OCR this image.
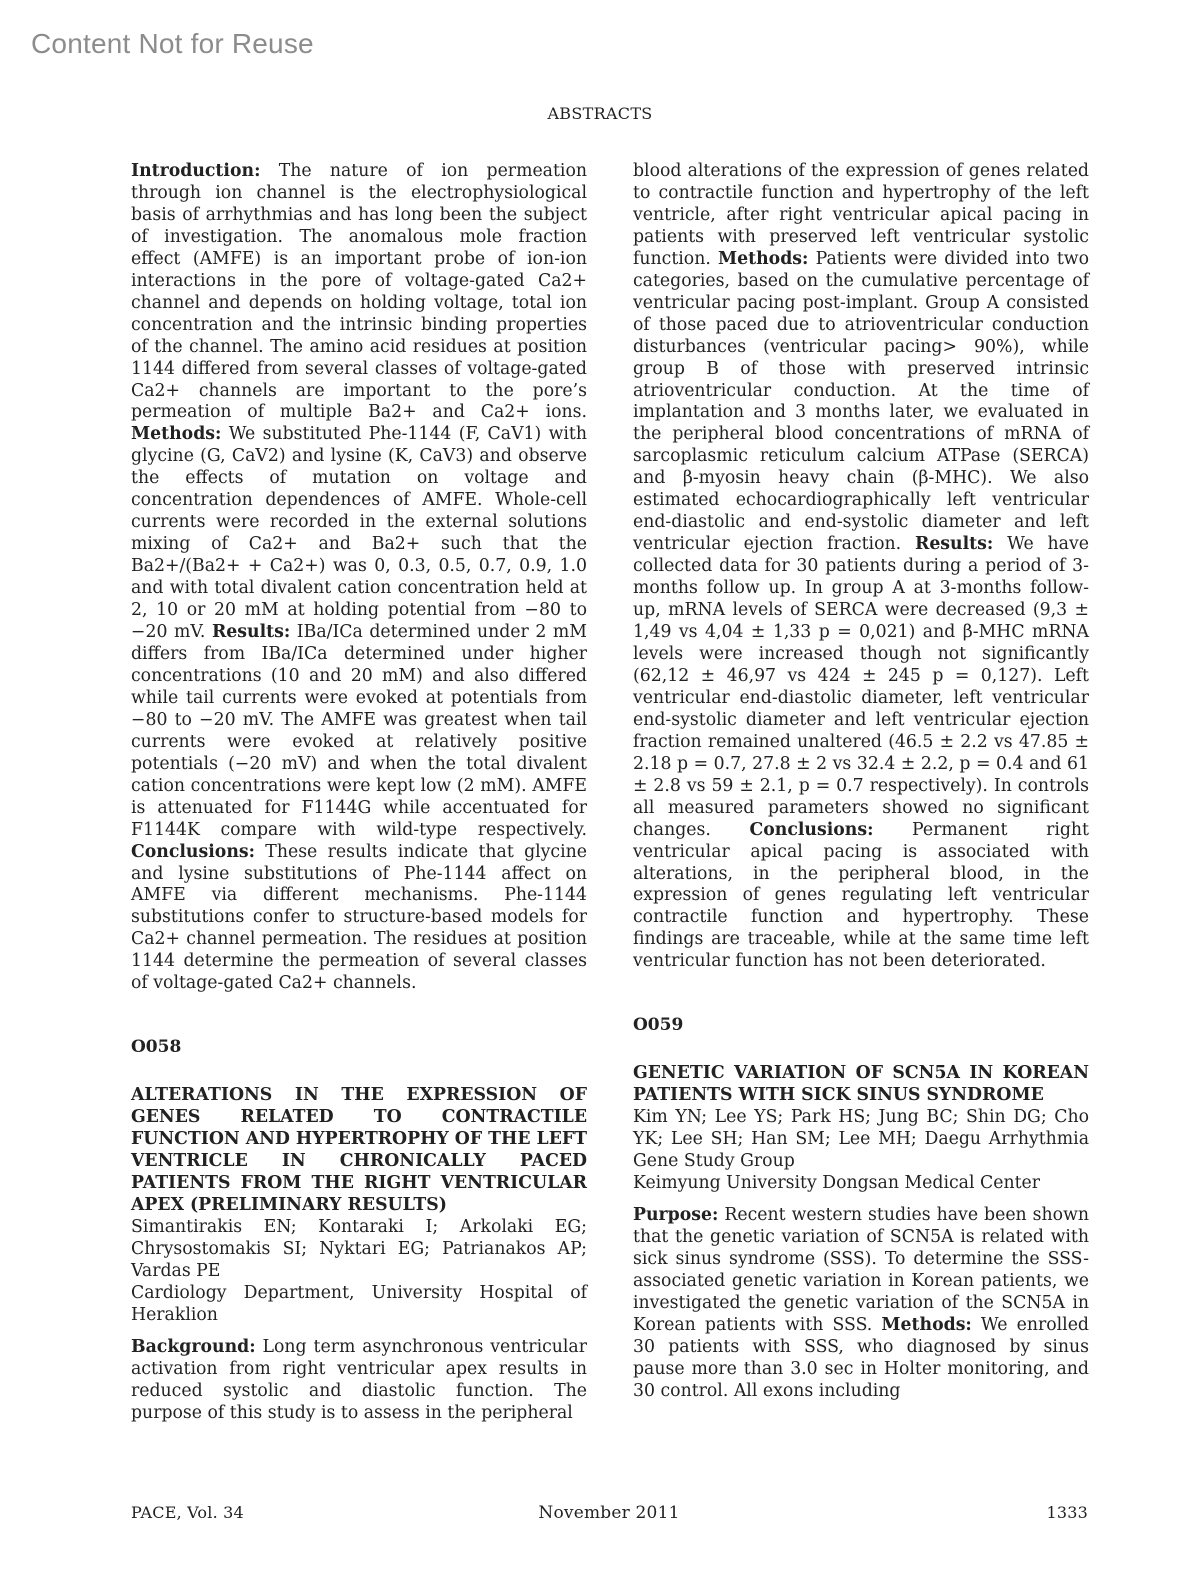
Content Not for Reuse
ABSTRACTS

Introduction: The nature of ion permeation through ion channel is the electrophysiological basis of arrhythmias and has long been the subject of investigation. The anomalous mole fraction effect (AMFE) is an important probe of ion-ion interactions in the pore of voltage-gated Ca2+ channel and depends on holding voltage, total ion concentration and the intrinsic binding properties of the channel. The amino acid residues at position 1144 differed from several classes of voltage-gated Ca2+ channels are important to the pore’s permeation of multiple Ba2+ and Ca2+ ions. Methods: We substituted Phe-1144 (F, CaV1) with glycine (G, CaV2) and lysine (K, CaV3) and observe the effects of mutation on voltage and concentration dependences of AMFE. Whole-cell currents were recorded in the external solutions mixing of Ca2+ and Ba2+ such that the Ba2+/(Ba2+ + Ca2+) was 0, 0.3, 0.5, 0.7, 0.9, 1.0 and with total divalent cation concentration held at 2, 10 or 20 mM at holding potential from −80 to −20 mV. Results: IBa/ICa determined under 2 mM differs from IBa/ICa determined under higher concentrations (10 and 20 mM) and also differed while tail currents were evoked at potentials from −80 to −20 mV. The AMFE was greatest when tail currents were evoked at relatively positive potentials (−20 mV) and when the total divalent cation concentrations were kept low (2 mM). AMFE is attenuated for F1144G while accentuated for F1144K compare with wild-type respectively. Conclusions: These results indicate that glycine and lysine substitutions of Phe-1144 affect on AMFE via different mechanisms. Phe-1144 substitutions confer to structure-based models for Ca2+ channel permeation. The residues at position 1144 determine the permeation of several classes of voltage-gated Ca2+ channels.

O058

ALTERATIONS IN THE EXPRESSION OF GENES RELATED TO CONTRACTILE FUNCTION AND HYPERTROPHY OF THE LEFT VENTRICLE IN CHRONICALLY PACED PATIENTS FROM THE RIGHT VENTRICULAR APEX (PRELIMINARY RESULTS)

Simantirakis EN; Kontaraki I; Arkolaki EG; Chrysostomakis SI; Nyktari EG; Patrianakos AP; Vardas PE

Cardiology Department, University Hospital of Heraklion

Background: Long term asynchronous ventricular activation from right ventricular apex results in reduced systolic and diastolic function. The purpose of this study is to assess in the peripheral

blood alterations of the expression of genes related to contractile function and hypertrophy of the left ventricle, after right ventricular apical pacing in patients with preserved left ventricular systolic function. Methods: Patients were divided into two categories, based on the cumulative percentage of ventricular pacing post-implant. Group A consisted of those paced due to atrioventricular conduction disturbances (ventricular pacing> 90%), while group B of those with preserved intrinsic atrioventricular conduction. At the time of implantation and 3 months later, we evaluated in the peripheral blood concentrations of mRNA of sarcoplasmic reticulum calcium ATPase (SERCA) and β-myosin heavy chain (β-MHC). We also estimated echocardiographically left ventricular end-diastolic and end-systolic diameter and left ventricular ejection fraction. Results: We have collected data for 30 patients during a period of 3-months follow up. In group A at 3-months follow-up, mRNA levels of SERCA were decreased (9,3 ± 1,49 vs 4,04 ± 1,33 p = 0,021) and β-MHC mRNA levels were increased though not significantly (62,12 ± 46,97 vs 424 ± 245 p = 0,127). Left ventricular end-diastolic diameter, left ventricular end-systolic diameter and left ventricular ejection fraction remained unaltered (46.5 ± 2.2 vs 47.85 ± 2.18 p = 0.7, 27.8 ± 2 vs 32.4 ± 2.2, p = 0.4 and 61 ± 2.8 vs 59 ± 2.1, p = 0.7 respectively). In controls all measured parameters showed no significant changes. Conclusions: Permanent right ventricular apical pacing is associated with alterations, in the peripheral blood, in the expression of genes regulating left ventricular contractile function and hypertrophy. These findings are traceable, while at the same time left ventricular function has not been deteriorated.

O059

GENETIC VARIATION OF SCN5A IN KOREAN PATIENTS WITH SICK SINUS SYNDROME

Kim YN; Lee YS; Park HS; Jung BC; Shin DG; Cho YK; Lee SH; Han SM; Lee MH; Daegu Arrhythmia Gene Study Group

Keimyung University Dongsan Medical Center

Purpose: Recent western studies have been shown that the genetic variation of SCN5A is related with sick sinus syndrome (SSS). To determine the SSS-associated genetic variation in Korean patients, we investigated the genetic variation of the SCN5A in Korean patients with SSS. Methods: We enrolled 30 patients with SSS, who diagnosed by sinus pause more than 3.0 sec in Holter monitoring, and 30 control. All exons including

PACE, Vol. 34	November 2011	1333
